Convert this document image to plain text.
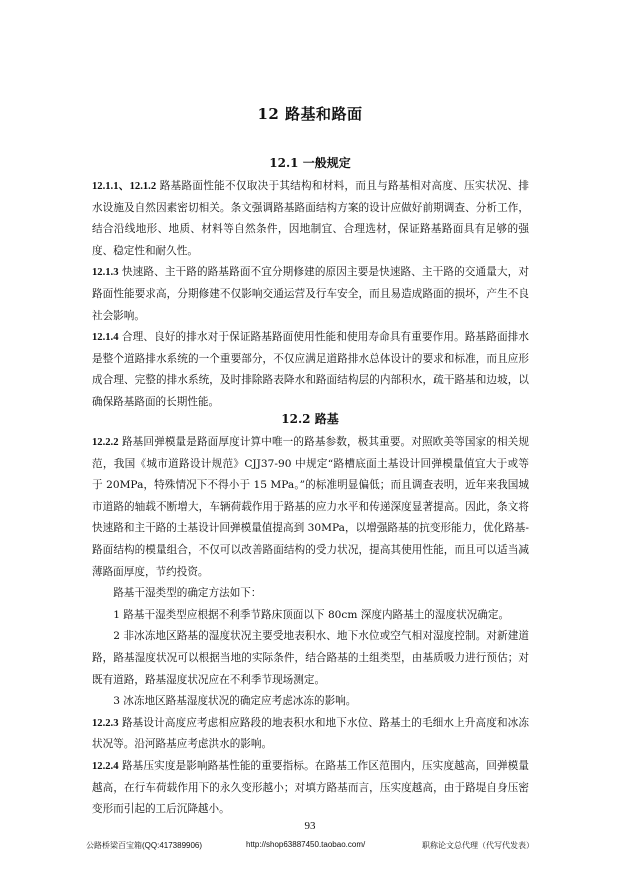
12 路基和路面
12.1 一般规定

12.1.1、12.1.2 路基路面性能不仅取决于其结构和材料，而且与路基相对高度、压实状况、排水设施及自然因素密切相关。条文强调路基路面结构方案的设计应做好前期调查、分析工作，结合沿线地形、地质、材料等自然条件，因地制宜、合理选材，保证路基路面具有足够的强度、稳定性和耐久性。

12.1.3 快速路、主干路的路基路面不宜分期修建的原因主要是快速路、主干路的交通量大，对路面性能要求高，分期修建不仅影响交通运营及行车安全，而且易造成路面的损坏，产生不良社会影响。

12.1.4 合理、良好的排水对于保证路基路面使用性能和使用寿命具有重要作用。路基路面排水是整个道路排水系统的一个重要部分，不仅应满足道路排水总体设计的要求和标准，而且应形成合理、完整的排水系统，及时排除路表降水和路面结构层的内部积水，疏干路基和边坡，以确保路基路面的长期性能。

12.2 路基

12.2.2 路基回弹模量是路面厚度计算中唯一的路基参数，极其重要。对照欧美等国家的相关规范，我国《城市道路设计规范》CJJ37-90 中规定“路槽底面土基设计回弹模量值宜大于或等于 20MPa，特殊情况下不得小于 15 MPa。”的标准明显偏低；而且调查表明，近年来我国城市道路的轴载不断增大，车辆荷载作用于路基的应力水平和传递深度显著提高。因此，条文将快速路和主干路的土基设计回弹模量值提高到 30MPa，以增强路基的抗变形能力，优化路基-路面结构的模量组合，不仅可以改善路面结构的受力状况，提高其使用性能，而且可以适当减薄路面厚度，节约投资。

路基干湿类型的确定方法如下：

1 路基干湿类型应根据不利季节路床顶面以下 80cm 深度内路基土的湿度状况确定。

2 非冰冻地区路基的湿度状况主要受地表积水、地下水位或空气相对湿度控制。对新建道路，路基湿度状况可以根据当地的实际条件，结合路基的土组类型，由基质吸力进行预估；对既有道路，路基湿度状况应在不利季节现场测定。

3 冰冻地区路基湿度状况的确定应考虑冰冻的影响。

12.2.3 路基设计高度应考虑相应路段的地表积水和地下水位、路基土的毛细水上升高度和冰冻状况等。沿河路基应考虑洪水的影响。

12.2.4 路基压实度是影响路基性能的重要指标。在路基工作区范围内，压实度越高，回弹模量越高，在行车荷载作用下的永久变形越小；对填方路基而言，压实度越高，由于路堤自身压密变形而引起的工后沉降越小。

93
公路桥梁百宝箱(QQ:417389906)	http://shop63887450.taobao.com/	职称论文总代理（代写代发表）
